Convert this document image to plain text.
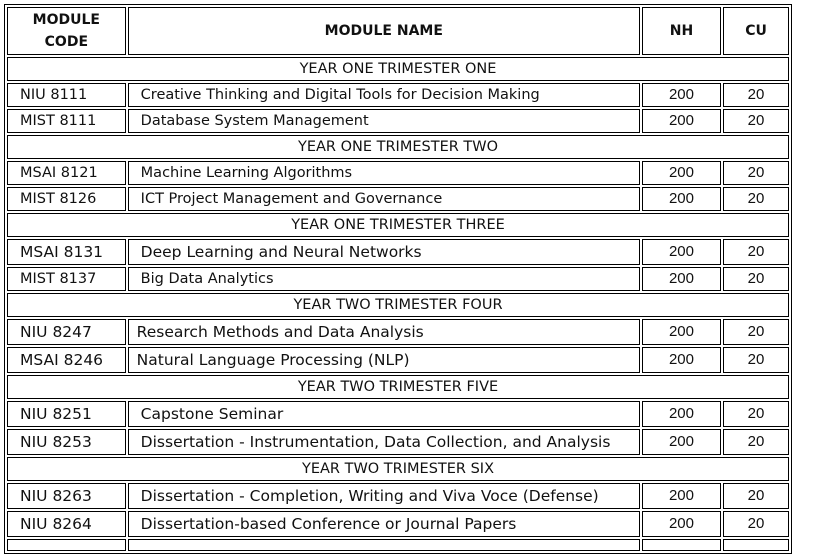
MODULE
CODE	MODULE NAME	NH	CU
YEAR ONE TRIMESTER ONE			
NIU 8111	Creative Thinking and Digital Tools for Decision Making	200	20
MIST 8111	Database System Management	200	20
YEAR ONE TRIMESTER TWO			
MSAI 8121	Machine Learning Algorithms	200	20
MIST 8126	ICT Project Management and Governance	200	20
YEAR ONE TRIMESTER THREE			
MSAI 8131	Deep Learning and Neural Networks	200	20
MIST 8137	Big Data Analytics	200	20
YEAR TWO TRIMESTER FOUR			
NIU 8247	Research Methods and Data Analysis	200	20
MSAI 8246	Natural Language Processing (NLP)	200	20
YEAR TWO TRIMESTER FIVE			
NIU 8251	Capstone Seminar	200	20
NIU 8253	Dissertation - Instrumentation, Data Collection, and Analysis	200	20
YEAR TWO TRIMESTER SIX			
NIU 8263	Dissertation - Completion, Writing and Viva Voce (Defense)	200	20
NIU 8264	Dissertation-based Conference or Journal Papers	200	20
